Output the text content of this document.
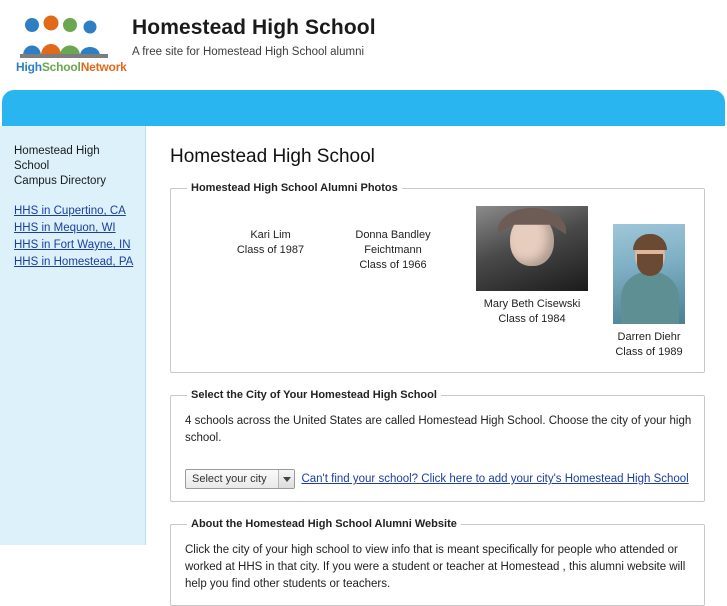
HighSchoolNetwork
Homestead High School

A free site for Homestead High School alumni

Homestead High School
Campus Directory
HHS in Cupertino, CA
HHS in Mequon, WI
HHS in Fort Wayne, IN
HHS in Homestead, PA
Homestead High School
Homestead High School Alumni Photos
Kari Lim
Class of 1987
Donna Bandley Feichtmann
Class of 1966
Mary Beth Cisewski
Class of 1984
Darren Diehr
Class of 1989
Select the City of Your Homestead High School
4 schools across the United States are called Homestead High School. Choose the city of your high school.
Select your city	Can't find your school? Click here to add your city's Homestead High School
About the Homestead High School Alumni Website
Click the city of your high school to view info that is meant specifically for people who attended or worked at HHS in that city. If you were a student or teacher at Homestead , this alumni website will help you find other students or teachers.
